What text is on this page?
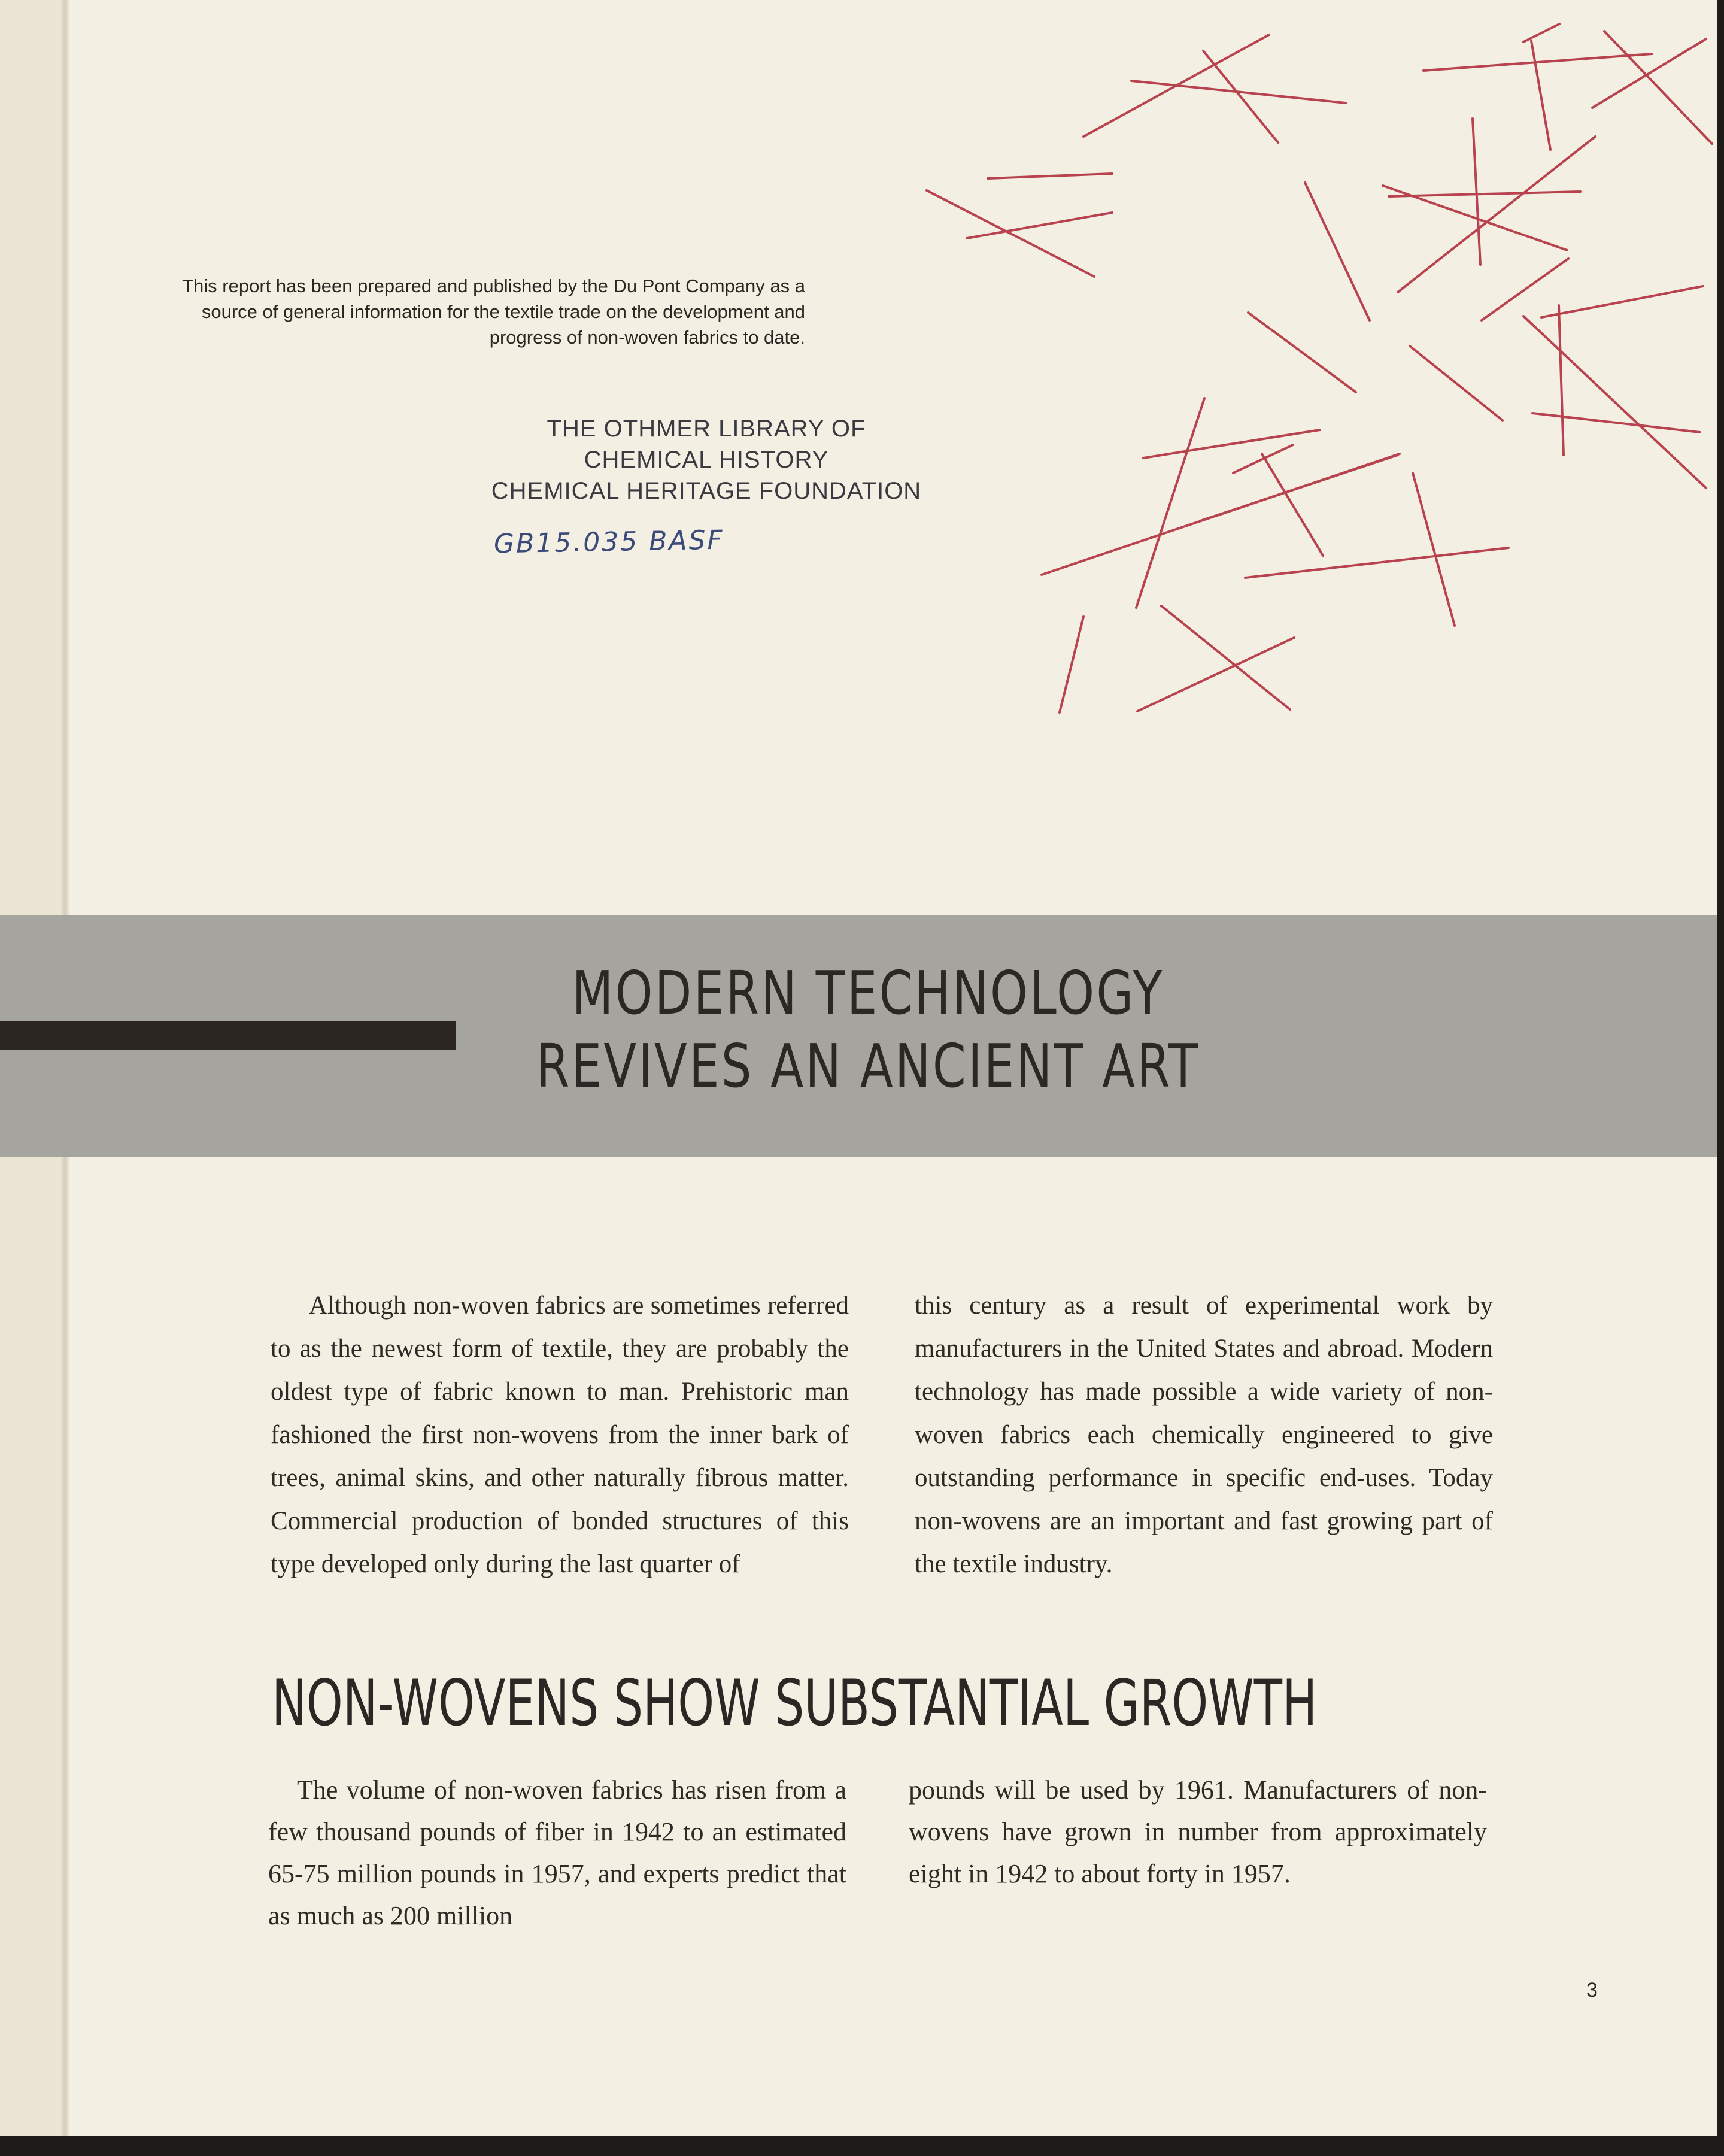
This report has been prepared and published by the Du Pont Company as a source of general information for the textile trade on the development and progress of non-woven fabrics to date.

THE OTHMER LIBRARY OF
CHEMICAL HISTORY
CHEMICAL HERITAGE FOUNDATION
GB15.035 BASF
MODERN TECHNOLOGY
REVIVES AN ANCIENT ART

Although non-woven fabrics are sometimes referred to as the newest form of textile, they are probably the oldest type of fabric known to man. Prehistoric man fashioned the first non-wovens from the inner bark of trees, animal skins, and other naturally fibrous matter. Commercial production of bonded structures of this type developed only during the last quarter of

this century as a result of experimental work by manufacturers in the United States and abroad. Modern technology has made possible a wide variety of non-woven fabrics each chemically engineered to give outstanding performance in specific end-uses. Today non-wovens are an important and fast growing part of the textile industry.

NON-WOVENS SHOW SUBSTANTIAL GROWTH

The volume of non-woven fabrics has risen from a few thousand pounds of fiber in 1942 to an estimated 65-75 million pounds in 1957, and experts predict that as much as 200 million

pounds will be used by 1961. Manufacturers of non-wovens have grown in number from approximately eight in 1942 to about forty in 1957.

3
